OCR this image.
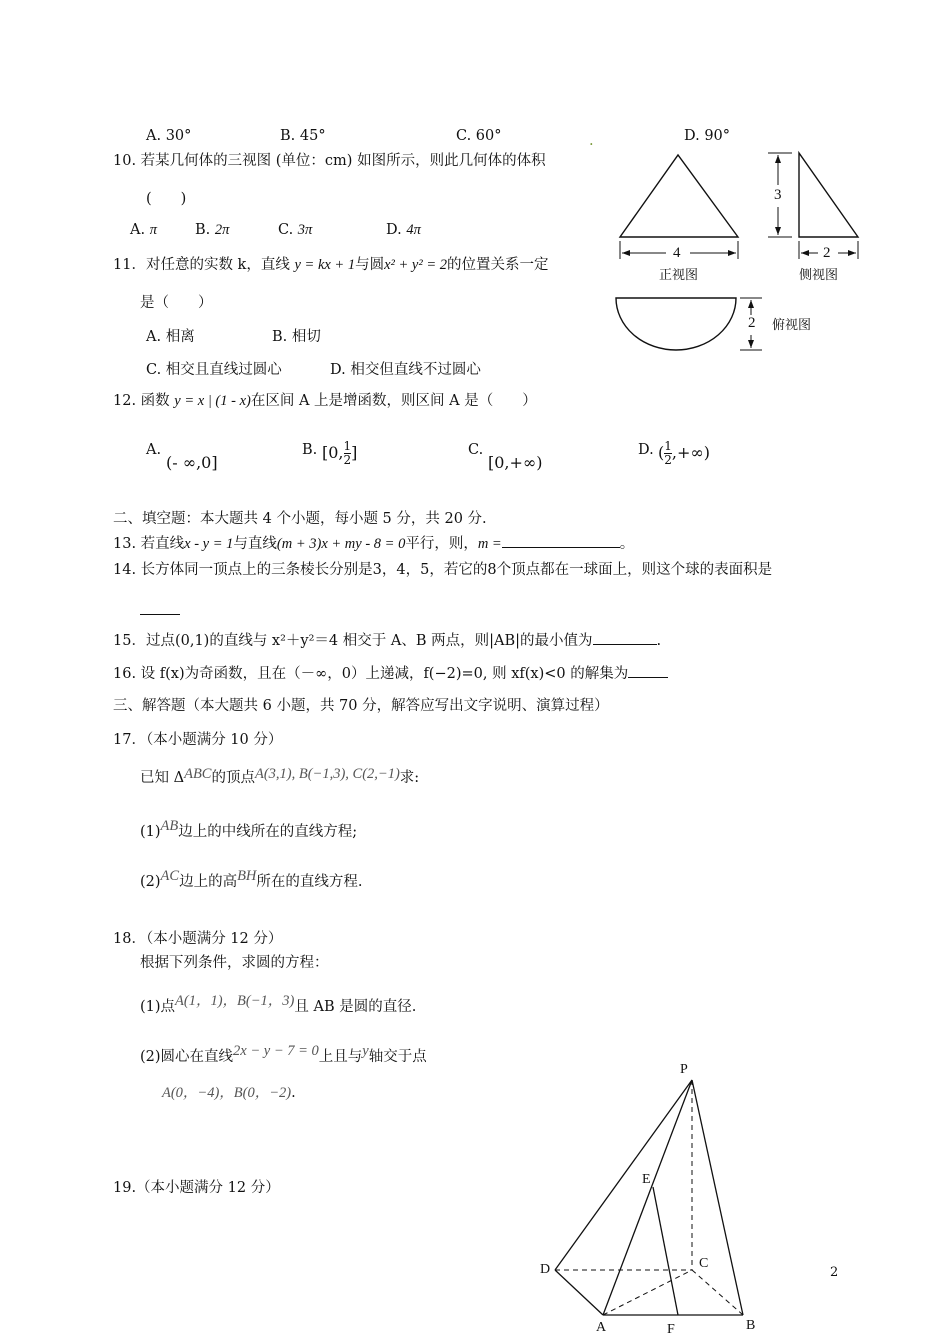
A. 30°	B. 45°	C. 60°	.	D. 90°
10. 若某几何体的三视图 (单位：cm) 如图所示，则此几何体的体积
(　　)
A. π	B. 2π	C. 3π	D. 4π
4
3
2
2
正视图	侧视图
俯视图
11．对任意的实数 k，直线 y = kx + 1与圆x² + y² = 2的位置关系一定
是（　　）
A. 相离	B. 相切
C. 相交且直线过圆心	D. 相交但直线不过圆心
12. 函数 y = x | (1 - x)在区间 A 上是增函数，则区间 A 是（　　）
A.
(- ∞,0]
B. [0, $\frac{1}{2}$ ]	C.
[0,+∞)
D. ( $\frac{1}{2}$ ,+∞)
二、填空题：本大题共 4 个小题，每小题 5 分，共 20 分.
13. 若直线x - y = 1与直线(m + 3)x + my - 8 = 0平行，则，m =	。
14. 长方体同一顶点上的三条棱长分别是3，4，5，若它的8个顶点都在一球面上，则这个球的表面积是
15．过点(0,1)的直线与 x²＋y²＝4 相交于 A、B 两点，则|AB|的最小值为	.
16. 设 f(x)为奇函数，且在（－∞，0）上递减，f(−2)=0, 则 xf(x)<0 的解集为
三、解答题（本大题共 6 小题，共 70 分，解答应写出文字说明、演算过程）
17．（本小题满分 10 分）
已知 ΔABC的顶点A(3,1), B(−1,3), C(2,−1)求:
(1)AB边上的中线所在的直线方程;
(2)AC边上的高BH所在的直线方程.
18．（本小题满分 12 分）
根据下列条件，求圆的方程：
(1)点A(1，1)，B(−1，3)且 AB 是圆的直径.
(2)圆心在直线2x − y − 7 = 0上且与y轴交于点
A(0，−4)，B(0，−2).
19.（本小题满分 12 分）
P
E
D	C
A	F	B
2
